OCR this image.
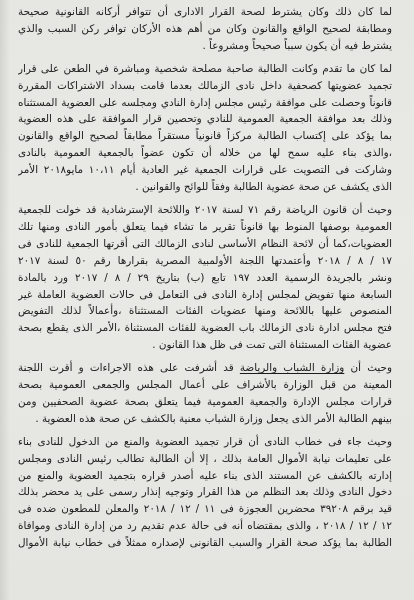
لما كان ذلك وكان يشترط لصحة القرار الادارى أن تتوافر أركانه القانونية صحيحة
ومطابقة لصحيح الواقع والقانون وكان من أهم هذه الأركان توافر ركن السبب والذي
يشترط فيه أن يكون سبباً صحيحاً ومشروعاً .
لما كان ما تقدم وكانت الطالبة صاحبة مصلحة شخصية ومباشرة في الطعن على قرار
تجميد عضويتها كصحفية داخل نادى الزمالك بعدما قامت بسداد الاشتراكات المقررة
قانوناً وحصلت على موافقة رئيس مجلس إدارة النادي ومجلسه على العضوية المستثناه
وذلك بعد موافقة الجمعية العمومية للنادي وتحصين قرار الموافقة على هذه العضوية
بما يؤكد على إكتساب الطالبة مركزاً قانونياً مستقراً مطابقاً لصحيح الواقع والقانون
،والذى بناء عليه سمح لها من خلاله أن تكون عضواً بالجمعية العمومية بالنادى
وشاركت فى التصويت على قرارات الجمعية غير العادية أيام ١٠،١١ مايو٢٠١٨ الأمر
الذى يكشف عن صحة عضوية الطالبة وفقاً للوائح والقوانين .
وحيث أن قانون الرياضة رقم ٧١ لسنة ٢٠١٧ واللائحة الإسترشادية قد خولت للجمعية
العمومية بوصفها المنوط بها قانوناً تقرير ما تشاء فيما يتعلق بأمور النادى ومنها تلك
العضويات،كما أن لائحة النظام الأساسى لنادى الزمالك التى أقرتها الجمعية للنادى فى
١٧ / ٨ / ٢٠١٨ وأعتمدتها اللجنة الأولمبية المصرية بقرارها رقم ٥٠ لسنة ٢٠١٧
ونشر بالجريدة الرسمية العدد ١٩٧ تابع (ب) بتاريخ ٢٩ / ٨ / ٢٠١٧ ورد بالمادة
السابعة منها تفويض لمجلس إدارة النادى فى التعامل فى حالات العضوية العاملة غير
المنصوص عليها باللائحة ومنها عضويات الفئات المستثناة ،وأعمالاً لذلك التفويض
فتح مجلس ادارة نادى الزمالك باب العضوية للفئات المستثناة ،الأمر الذى يقطع بصحة
عضوية الفئات المستثناة التى تمت فى ظل هذا القانون .
وحيث أن وزارة الشباب والرياضة قد أشرفت على هذه الاجراءات و أقرت اللجنة
المعينة من قبل الوزارة بالأشراف على أعمال المجلس والجمعى العمومية بصحة
قرارات مجلس الإدارة والجمعية العمومية فيما يتعلق بصحة عضوية الصحفيين ومن
بينهم الطالبة الأمر الذى يجعل وزارة الشباب معنية بالكشف عن صحة هذه العضوية .
وحيث جاء فى خطاب النادى أن قرار تجميد العضوية والمنع من الدخول للنادى بناء
على تعليمات نيابة الأموال العامة بذلك ، إلا أن الطالبة تطالب رئيس النادى ومجلس
إدارته بالكشف عن المستند الذى بناء عليه أصدر قراره بتجميد العضوية والمنع من
دخول النادى وذلك بعد التظلم من هذا القرار وتوجيه إنذار رسمى على يد محضر بذلك
قيد برقم ٣٩٢٠٨ محضرين العجوزة فى ١١ / ١٢ / ٢٠١٨ والمعلن للمطعون ضده فى
١٢ / ١٢ / ٢٠١٨ ، والذى بمقتضاه أنه فى حالة عدم تقديم رد من إدارة النادى وموافاة
الطالبة بما يؤكد صحة القرار والسبب القانونى لإصداره ممثلاً فى خطاب نيابة الأموال
